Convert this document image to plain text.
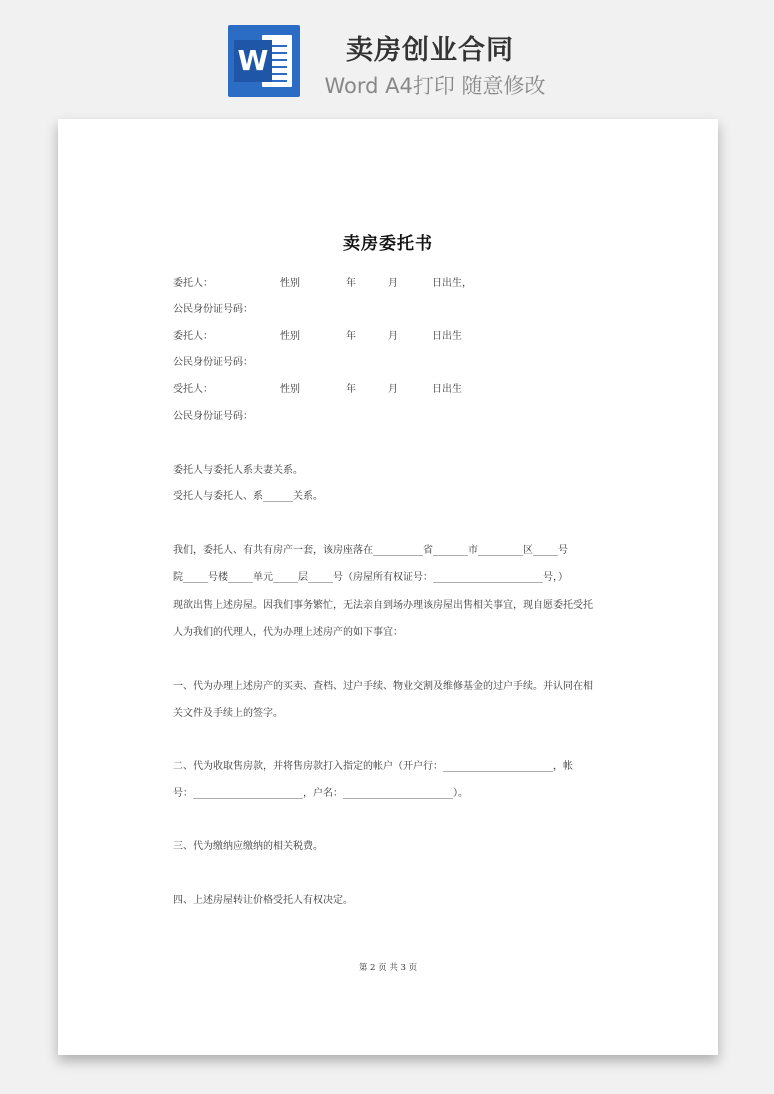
W	卖房创业合同
Word A4打印 随意修改
卖房委托书
委托人：	性别	年	月	日出生，
公民身份证号码：
委托人：	性别	年	月	日出生
公民身份证号码：
受托人：	性别	年	月	日出生
公民身份证号码：
委托人与委托人系夫妻关系。
受托人与委托人、系______关系。
我们，委托人、有共有房产一套，该房座落在__________省_______市_________区_____号
院_____号楼_____单元_____层_____号（房屋所有权证号：______________________号，）
现欲出售上述房屋。因我们事务繁忙，无法亲自到场办理该房屋出售相关事宜，现自愿委托受托
人为我们的代理人，代为办理上述房产的如下事宜：
一、代为办理上述房产的买卖、查档、过户手续、物业交割及维修基金的过户手续。并认同在相
关文件及手续上的签字。
二、代为收取售房款，并将售房款打入指定的帐户（开户行：______________________，帐
号：______________________，户名：______________________）。
三、代为缴纳应缴纳的相关税费。
四、上述房屋转让价格受托人有权决定。
第 2 页 共 3 页
